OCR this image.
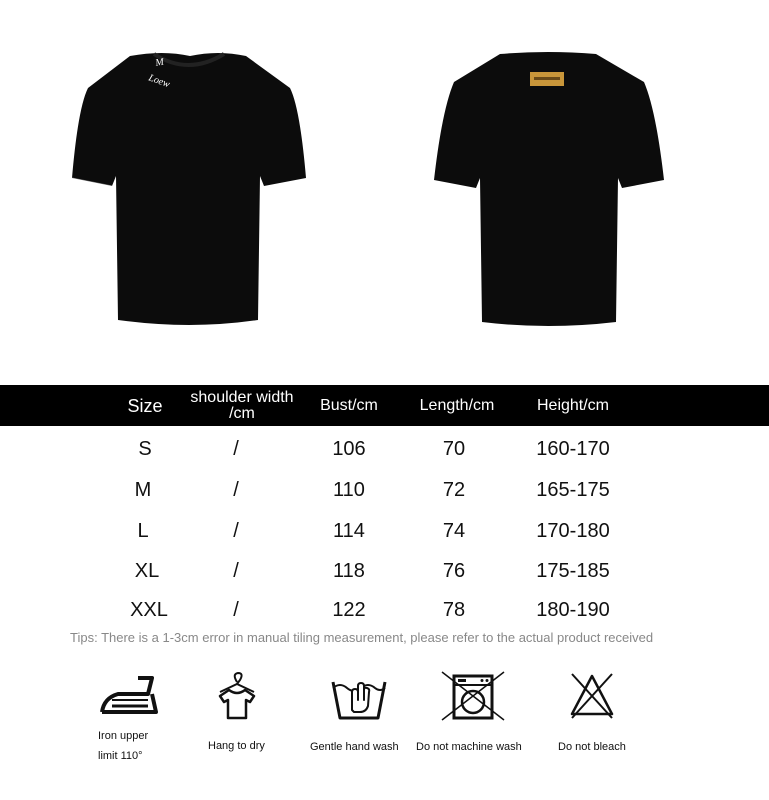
M
Loew
Size	shoulder width /cm	Bust/cm	Length/cm	Height/cm
S	/	106	70	160-170
M	/	110	72	165-175
L	/	114	74	170-180
XL	/	118	76	175-185
XXL	/	122	78	180-190
Tips: There is a 1-3cm error in manual tiling measurement, please refer to the actual product received
Iron upper
limit 110°
Hang to dry	Gentle hand wash Do not machine wash	Do not bleach
